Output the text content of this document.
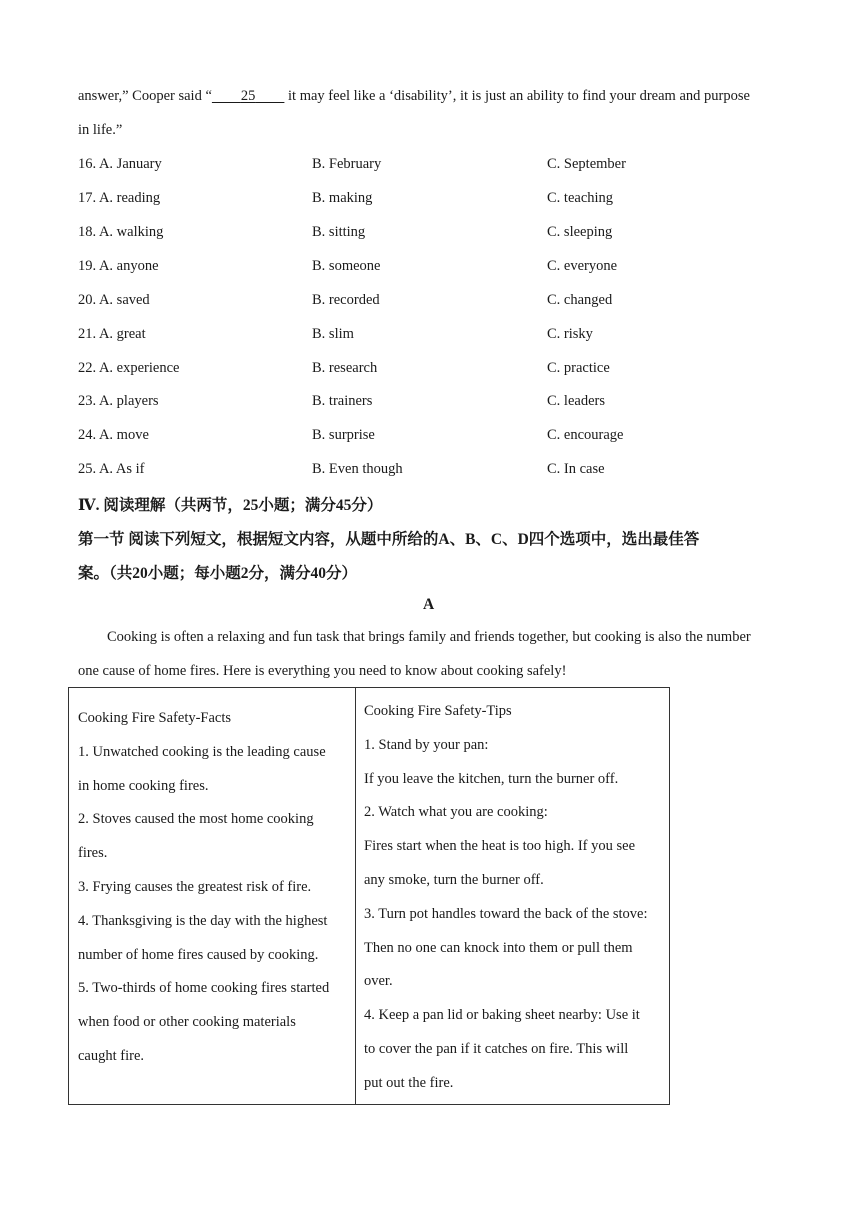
answer,” Cooper said “     25     it may feel like a ‘disability’, it is just an ability to find your dream and purpose
in life.”
16. A. January	B. February	C. September
17. A. reading	B. making	C. teaching
18. A. walking	B. sitting	C. sleeping
19. A. anyone	B. someone	C. everyone
20. A. saved	B. recorded	C. changed
21. A. great	B. slim	C. risky
22. A. experience	B. research	C. practice
23. A. players	B. trainers	C. leaders
24. A. move	B. surprise	C. encourage
25. A. As if	B. Even though	C. In case
Ⅳ. 阅读理解（共两节，25小题；满分45分）
第一节 阅读下列短文，根据短文内容，从题中所给的A、B、C、D四个选项中，选出最佳答
案。（共20小题；每小题2分，满分40分）
A
Cooking is often a relaxing and fun task that brings family and friends together, but cooking is also the number
one cause of home fires. Here is everything you need to know about cooking safely!
Cooking Fire Safety-Facts
1. Unwatched cooking is the leading cause
in home cooking fires.
2. Stoves caused the most home cooking
fires.
3. Frying causes the greatest risk of fire.
4. Thanksgiving is the day with the highest
number of home fires caused by cooking.
5. Two-thirds of home cooking fires started
when food or other cooking materials
caught fire.

Cooking Fire Safety-Tips
1. Stand by your pan:
If you leave the kitchen, turn the burner off.
2. Watch what you are cooking:
Fires start when the heat is too high. If you see
any smoke, turn the burner off.
3. Turn pot handles toward the back of the stove:
Then no one can knock into them or pull them
over.
4. Keep a pan lid or baking sheet nearby: Use it
to cover the pan if it catches on fire. This will
put out the fire.
